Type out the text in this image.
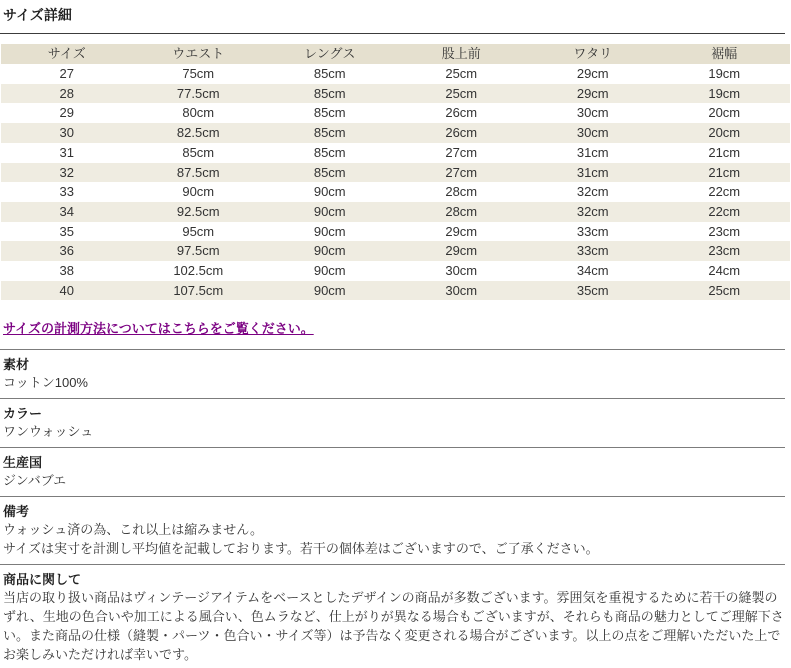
サイズ詳細
サイズ	ウエスト	レングス	股上前	ワタリ	裾幅
27	75cm	85cm	25cm	29cm	19cm
28	77.5cm	85cm	25cm	29cm	19cm
29	80cm	85cm	26cm	30cm	20cm
30	82.5cm	85cm	26cm	30cm	20cm
31	85cm	85cm	27cm	31cm	21cm
32	87.5cm	85cm	27cm	31cm	21cm
33	90cm	90cm	28cm	32cm	22cm
34	92.5cm	90cm	28cm	32cm	22cm
35	95cm	90cm	29cm	33cm	23cm
36	97.5cm	90cm	29cm	33cm	23cm
38	102.5cm	90cm	30cm	34cm	24cm
40	107.5cm	90cm	30cm	35cm	25cm
サイズの計測方法についてはこちらをご覧ください。
素材
コットン100%
カラー
ワンウォッシュ
生産国
ジンバブエ
備考
ウォッシュ済の為、これ以上は縮みません。
サイズは実寸を計測し平均値を記載しております。若干の個体差はございますので、ご了承ください。
商品に関して
当店の取り扱い商品はヴィンテージアイテムをベースとしたデザインの商品が多数ございます。雰囲気を重視するために若干の縫製のずれ、生地の色合いや加工による風合い、色ムラなど、仕上がりが異なる場合もございますが、それらも商品の魅力としてご理解下さい。また商品の仕様（縫製・パーツ・色合い・サイズ等）は予告なく変更される場合がございます。以上の点をご理解いただいた上でお楽しみいただければ幸いです。
